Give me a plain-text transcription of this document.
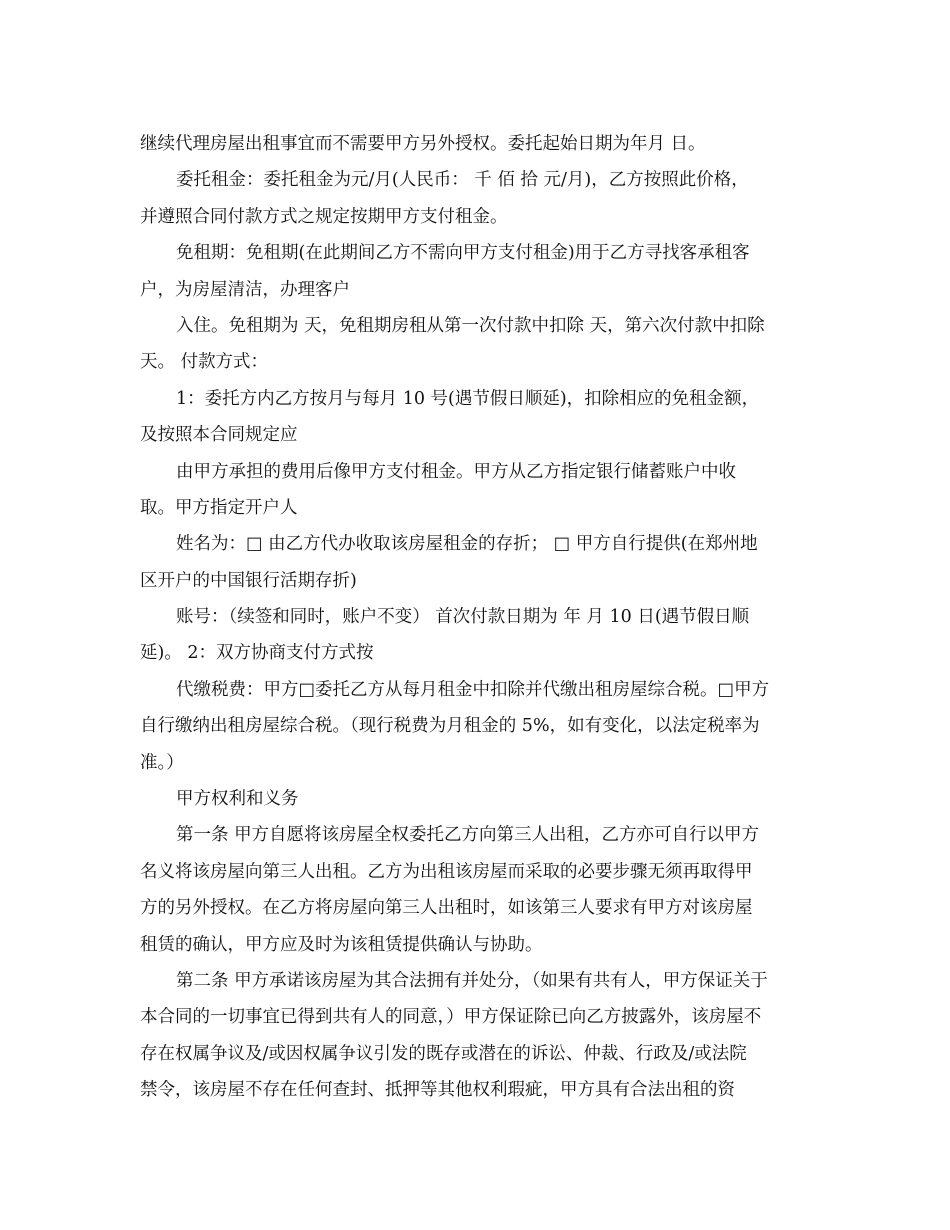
继续代理房屋出租事宜而不需要甲方另外授权。委托起始日期为年月 日。
委托租金：委托租金为元/月(人民币： 千 佰 拾 元/月)，乙方按照此价格，
并遵照合同付款方式之规定按期甲方支付租金。
免租期：免租期(在此期间乙方不需向甲方支付租金)用于乙方寻找客承租客
户，为房屋清洁，办理客户
入住。免租期为 天，免租期房租从第一次付款中扣除 天，第六次付款中扣除
天。 付款方式：
1：委托方内乙方按月与每月 10 号(遇节假日顺延)，扣除相应的免租金额，
及按照本合同规定应
由甲方承担的费用后像甲方支付租金。甲方从乙方指定银行储蓄账户中收
取。甲方指定开户人
姓名为：□ 由乙方代办收取该房屋租金的存折； □ 甲方自行提供(在郑州地
区开户的中国银行活期存折)
账号：（续签和同时，账户不变） 首次付款日期为 年 月 10 日(遇节假日顺
延)。 2：双方协商支付方式按
代缴税费：甲方□委托乙方从每月租金中扣除并代缴出租房屋综合税。□甲方
自行缴纳出租房屋综合税。（现行税费为月租金的 5%，如有变化，以法定税率为
准。）
甲方权利和义务
第一条 甲方自愿将该房屋全权委托乙方向第三人出租，乙方亦可自行以甲方
名义将该房屋向第三人出租。乙方为出租该房屋而采取的必要步骤无须再取得甲
方的另外授权。在乙方将房屋向第三人出租时，如该第三人要求有甲方对该房屋
租赁的确认，甲方应及时为该租赁提供确认与协助。
第二条 甲方承诺该房屋为其合法拥有并处分，（如果有共有人，甲方保证关于
本合同的一切事宜已得到共有人的同意，）甲方保证除已向乙方披露外，该房屋不
存在权属争议及/或因权属争议引发的既存或潜在的诉讼、仲裁、行政及/或法院
禁令，该房屋不存在任何查封、抵押等其他权利瑕疵，甲方具有合法出租的资
